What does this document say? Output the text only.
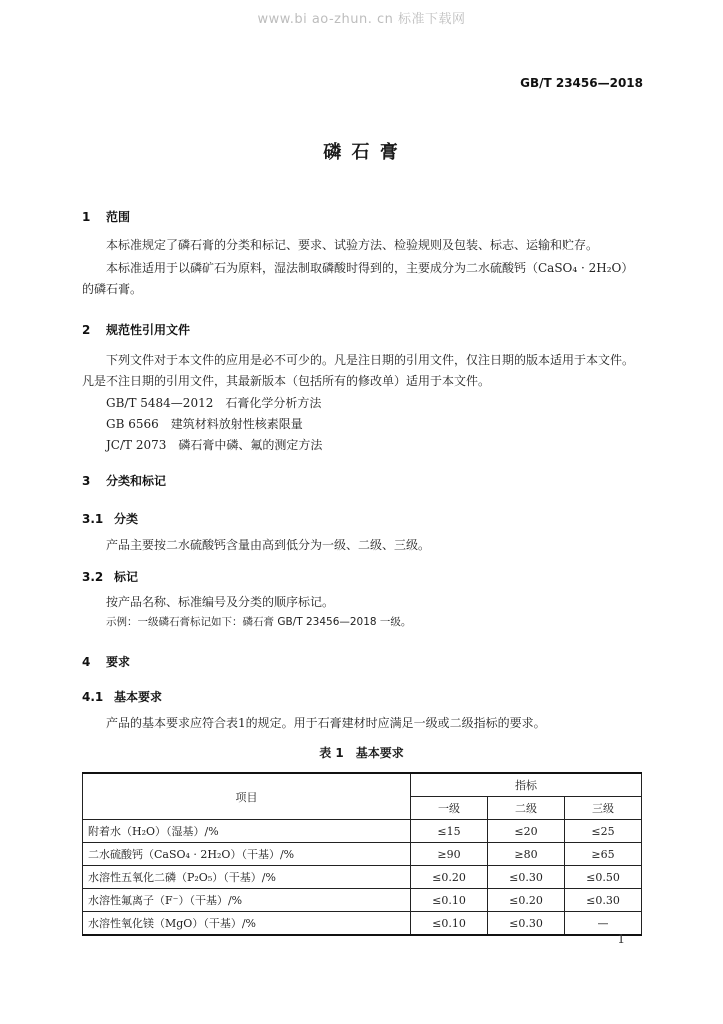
www.bi ao-zhun. cn 标准下载网
GB/T 23456—2018
磷 石 膏
1 范围
本标准规定了磷石膏的分类和标记、要求、试验方法、检验规则及包装、标志、运输和贮存。
本标准适用于以磷矿石为原料，湿法制取磷酸时得到的，主要成分为二水硫酸钙（CaSO₄ · 2H₂O）的磷石膏。
2 规范性引用文件
下列文件对于本文件的应用是必不可少的。凡是注日期的引用文件，仅注日期的版本适用于本文件。凡是不注日期的引用文件，其最新版本（包括所有的修改单）适用于本文件。
GB/T 5484—2012　石膏化学分析方法
GB 6566　建筑材料放射性核素限量
JC/T 2073　磷石膏中磷、氟的测定方法
3 分类和标记
3.1 分类
产品主要按二水硫酸钙含量由高到低分为一级、二级、三级。
3.2 标记
按产品名称、标准编号及分类的顺序标记。
示例：一级磷石膏标记如下：磷石膏 GB/T 23456—2018 一级。
4 要求
4.1 基本要求
产品的基本要求应符合表1的规定。用于石膏建材时应满足一级或二级指标的要求。
表 1　基本要求
项目	指标		
	一级	二级	三级
附着水（H₂O）（湿基）/%	≤15	≤20	≤25
二水硫酸钙（CaSO₄ · 2H₂O）（干基）/%	≥90	≥80	≥65
水溶性五氧化二磷（P₂O₅）（干基）/%	≤0.20	≤0.30	≤0.50
水溶性氟离子（F⁻）（干基）/%	≤0.10	≤0.20	≤0.30
水溶性氧化镁（MgO）（干基）/%	≤0.10	≤0.30	—
1
